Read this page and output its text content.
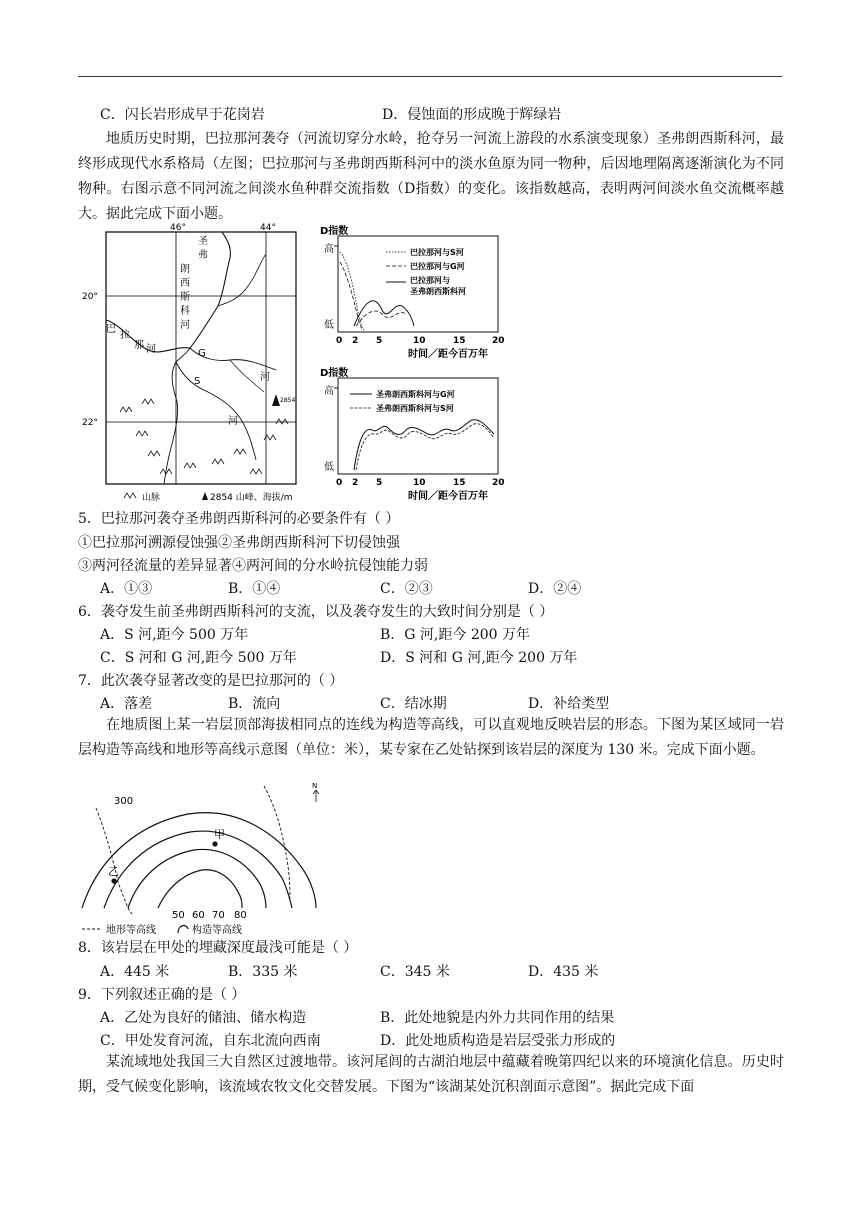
C．闪长岩形成早于花岗岩	D．侵蚀面的形成晚于辉绿岩
地质历史时期，巴拉那河袭夺（河流切穿分水岭，抢夺另一河流上游段的水系演变现象）圣弗朗西斯科河，最终形成现代水系格局（左图；巴拉那河与圣弗朗西斯科河中的淡水鱼原为同一物种，后因地理隔离逐渐演化为不同物种。右图示意不同河流之间淡水鱼种群交流指数（D指数）的变化。该指数越高，表明两河间淡水鱼交流概率越大。据此完成下面小题。
46°	44°
20°
22°
圣
弗
朗
西
斯
科
河
巴
拉
那 河	G
S	河
河
2854
山脉	2854 山峰、海拔/m
D指数
高
低
0 2 5	10	15	20
时间／距今百万年
巴拉那河与S河
巴拉那河与G河
巴拉那河与
圣弗朗西斯科河
D指数
高
低
0 2 5	10	15	20
时间／距今百万年
圣弗朗西斯科河与G河
圣弗朗西斯科河与S河
5．巴拉那河袭夺圣弗朗西斯科河的必要条件有（ ）
①巴拉那河溯源侵蚀强②圣弗朗西斯科河下切侵蚀强
③两河径流量的差异显著④两河间的分水岭抗侵蚀能力弱
A．①③	B．①④	C．②③	D．②④
6．袭夺发生前圣弗朗西斯科河的支流，以及袭夺发生的大致时间分别是（ ）
A．S 河,距今 500 万年	B．G 河,距今 200 万年
C．S 河和 G 河,距今 500 万年	D．S 河和 G 河,距今 200 万年
7．此次袭夺显著改变的是巴拉那河的（ ）
A．落差	B．流向	C．结冰期	D．补给类型
在地质图上某一岩层顶部海拔相同点的连线为构造等高线，可以直观地反映岩层的形态。下图为某区域同一岩层构造等高线和地形等高线示意图（单位：米），某专家在乙处钻探到该岩层的深度为 130 米。完成下面小题。
300
N
甲
乙
50 60 70 80
地形等高线	构造等高线
8．该岩层在甲处的埋藏深度最浅可能是（ ）
A．445 米	B．335 米	C．345 米	D．435 米
9．下列叙述正确的是（ ）
A．乙处为良好的储油、储水构造	B．此处地貌是内外力共同作用的结果
C．甲处发育河流，自东北流向西南	D．此处地质构造是岩层受张力形成的
某流域地处我国三大自然区过渡地带。该河尾闾的古湖泊地层中蕴藏着晚第四纪以来的环境演化信息。历史时期，受气候变化影响，该流域农牧文化交替发展。下图为“该湖某处沉积剖面示意图”。据此完成下面
